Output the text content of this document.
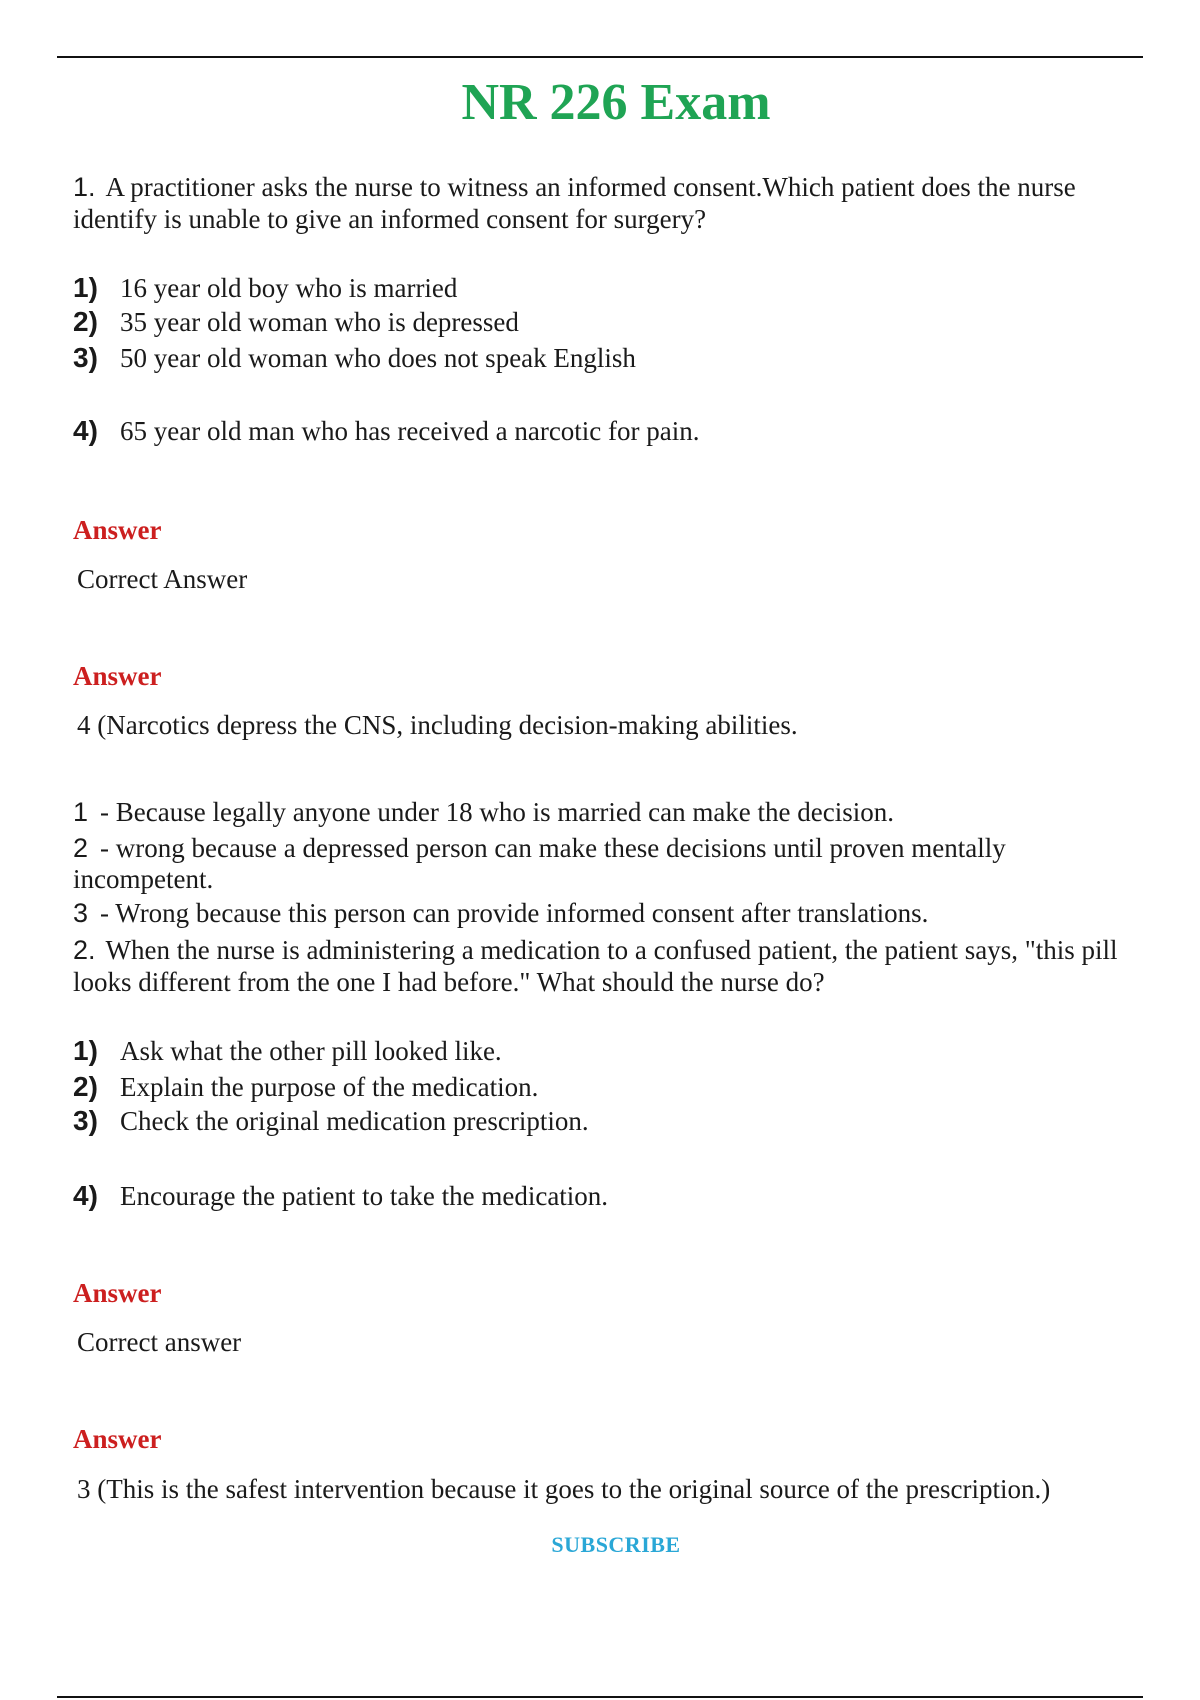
NR 226 Exam
1. A practitioner asks the nurse to witness an informed consent.Which patient does the nurse identify is unable to give an informed consent for surgery?
1) 16 year old boy who is married
2) 35 year old woman who is depressed
3) 50 year old woman who does not speak English
4) 65 year old man who has received a narcotic for pain.
Answer
Correct Answer
Answer
4 (Narcotics depress the CNS, including decision-making abilities.
1 - Because legally anyone under 18 who is married can make the decision.
2 - wrong because a depressed person can make these decisions until proven mentally incompetent.
3 - Wrong because this person can provide informed consent after translations.
2. When the nurse is administering a medication to a confused patient, the patient says, "this pill looks different from the one I had before." What should the nurse do?
1) Ask what the other pill looked like.
2) Explain the purpose of the medication.
3) Check the original medication prescription.
4) Encourage the patient to take the medication.
Answer
Correct answer
Answer
3 (This is the safest intervention because it goes to the original source of the prescription.)
SUBSCRIBE
